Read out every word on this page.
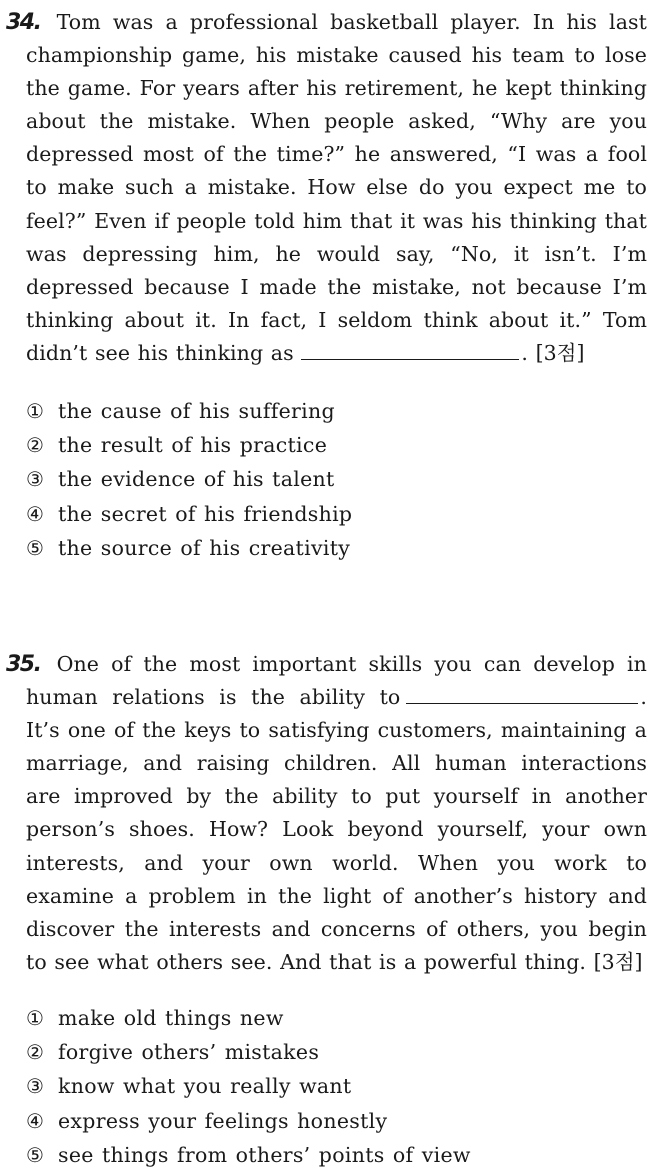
34. Tom was a professional basketball player. In his last championship game, his mistake caused his team to lose the game. For years after his retirement, he kept thinking about the mistake. When people asked, “Why are you depressed most of the time?” he answered, “I was a fool to make such a mistake. How else do you expect me to feel?” Even if people told him that it was his thinking that was depressing him, he would say, “No, it isn’t. I’m depressed because I made the mistake, not because I’m thinking about it. In fact, I seldom think about it.” Tom didn’t see his thinking as	. [3점]

① the cause of his suffering
② the result of his practice
③ the evidence of his talent
④ the secret of his friendship
⑤ the source of his creativity

35. One of the most important skills you can develop in human relations is the ability to	. It’s one of the keys to satisfying customers, maintaining a marriage, and raising children. All human interactions are improved by the ability to put yourself in another person’s shoes. How? Look beyond yourself, your own interests, and your own world. When you work to examine a problem in the light of another’s history and discover the interests and concerns of others, you begin to see what others see. And that is a powerful thing. [3점]

① make old things new
② forgive others’ mistakes
③ know what you really want
④ express your feelings honestly
⑤ see things from others’ points of view
